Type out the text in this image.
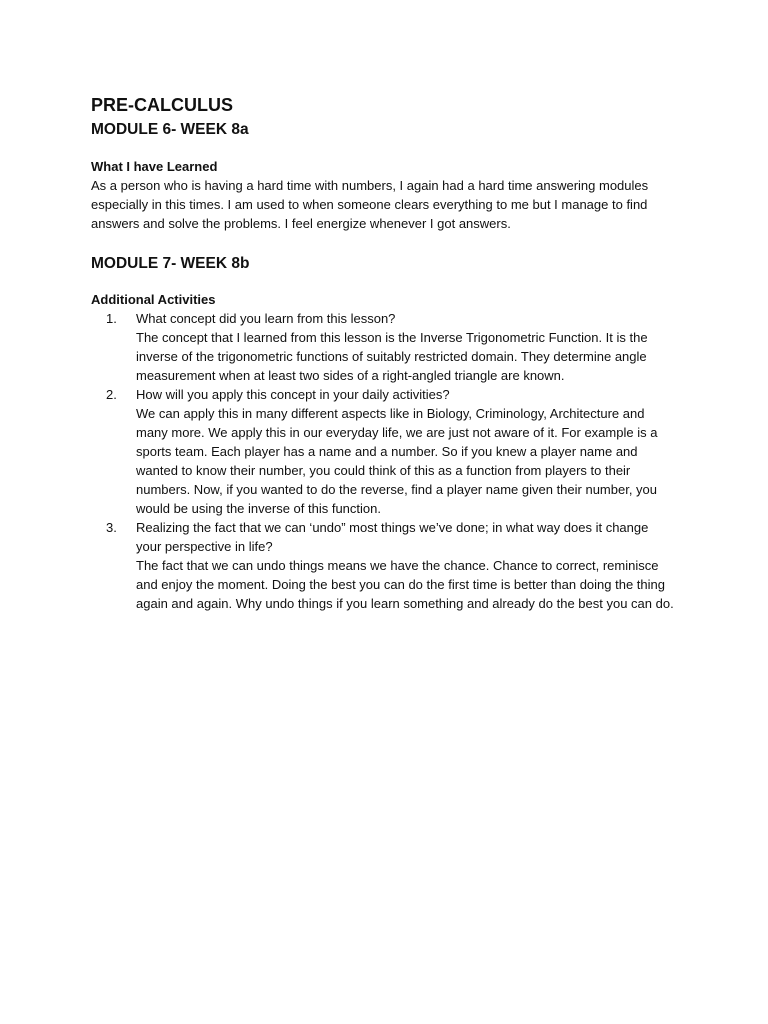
PRE-CALCULUS
MODULE 6- WEEK 8a
What I have Learned

As a person who is having a hard time with numbers, I again had a hard time answering modules especially in this times. I am used to when someone clears everything to me but I manage to find answers and solve the problems. I feel energize whenever I got answers.

MODULE 7- WEEK 8b
Additional Activities
1.	What concept did you learn from this lesson?
The concept that I learned from this lesson is the Inverse Trigonometric Function. It is the inverse of the trigonometric functions of suitably restricted domain. They determine angle measurement when at least two sides of a right-angled triangle are known.
2.	How will you apply this concept in your daily activities?
We can apply this in many different aspects like in Biology, Criminology, Architecture and many more. We apply this in our everyday life, we are just not aware of it. For example is a sports team. Each player has a name and a number. So if you knew a player name and wanted to know their number, you could think of this as a function from players to their numbers. Now, if you wanted to do the reverse, find a player name given their number, you would be using the inverse of this function.
3.	Realizing the fact that we can ‘undo” most things we’ve done; in what way does it change your perspective in life?
The fact that we can undo things means we have the chance. Chance to correct, reminisce and enjoy the moment. Doing the best you can do the first time is better than doing the thing again and again. Why undo things if you learn something and already do the best you can do.
